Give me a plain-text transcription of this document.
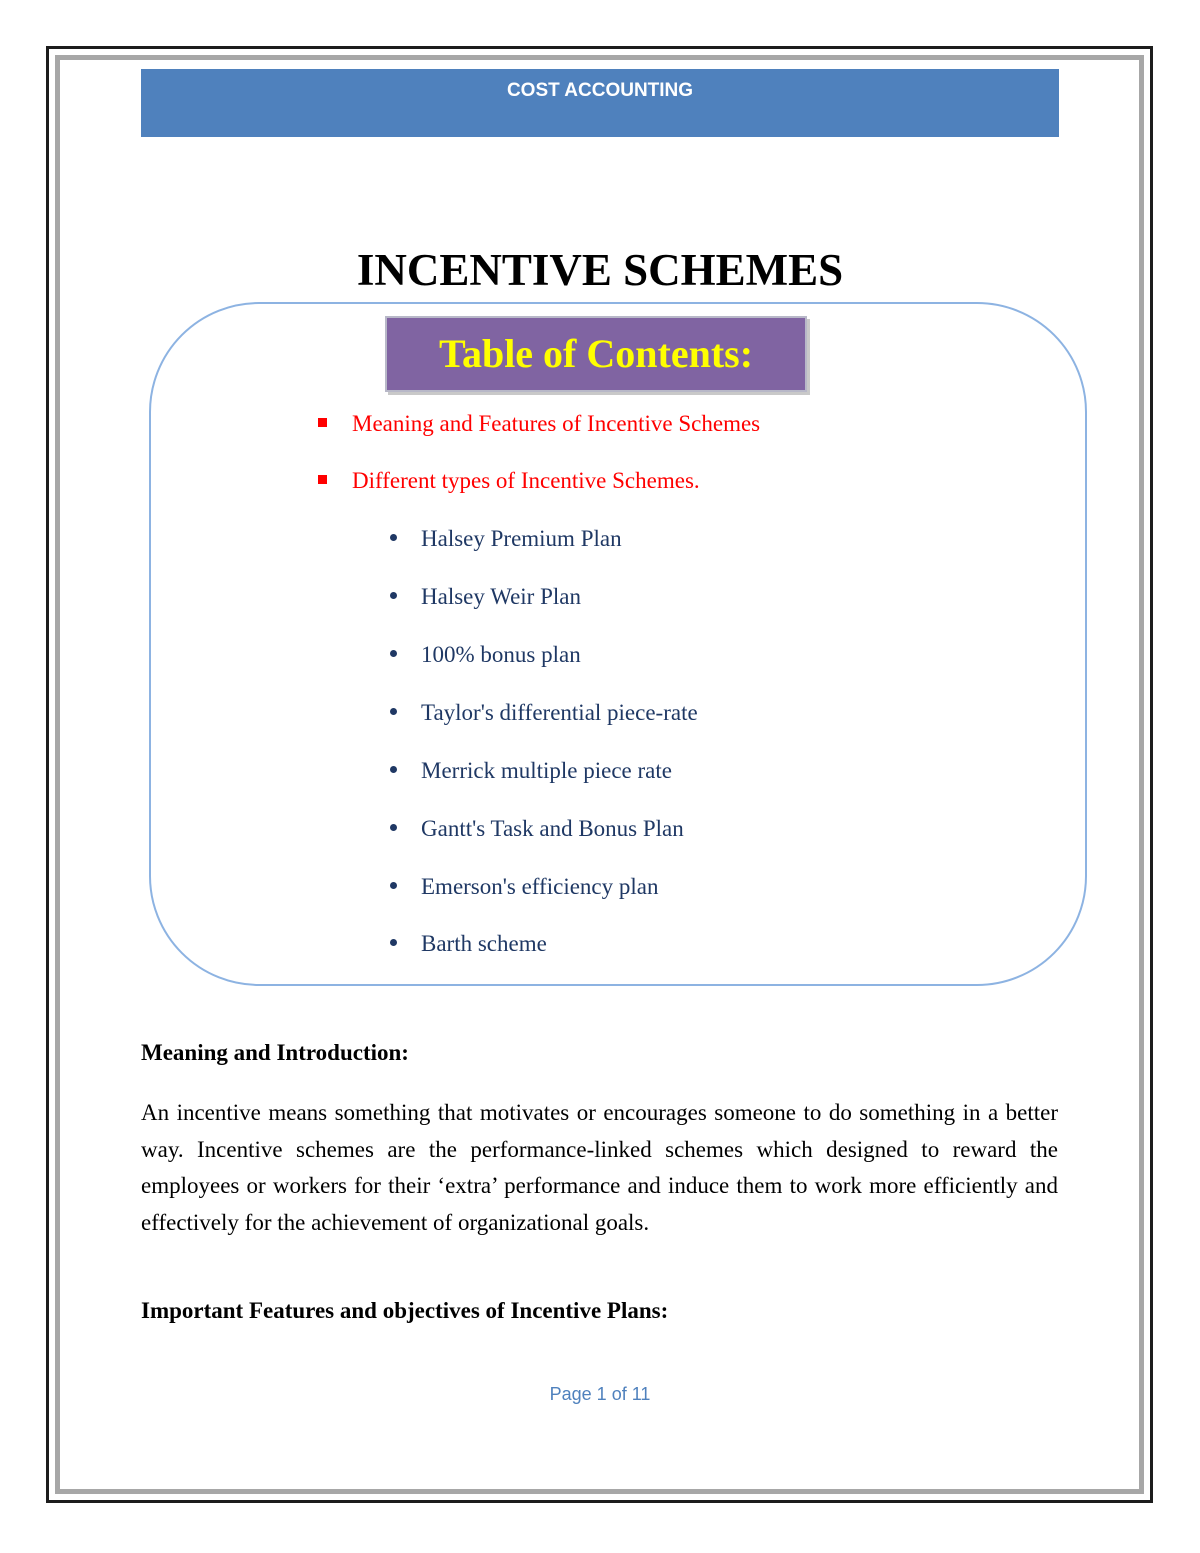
COST ACCOUNTING
INCENTIVE SCHEMES
Table of Contents:
Meaning and Features of Incentive Schemes
Different types of Incentive Schemes.
Halsey Premium Plan
Halsey Weir Plan
100% bonus plan
Taylor's differential piece-rate
Merrick multiple piece rate
Gantt's Task and Bonus Plan
Emerson's efficiency plan
Barth scheme
Meaning and Introduction:

An incentive means something that motivates or encourages someone to do something in a better way. Incentive schemes are the performance-linked schemes which designed to reward the employees or workers for their ‘extra’ performance and induce them to work more efficiently and effectively for the achievement of organizational goals.

Important Features and objectives of Incentive Plans:
Page 1 of 11
